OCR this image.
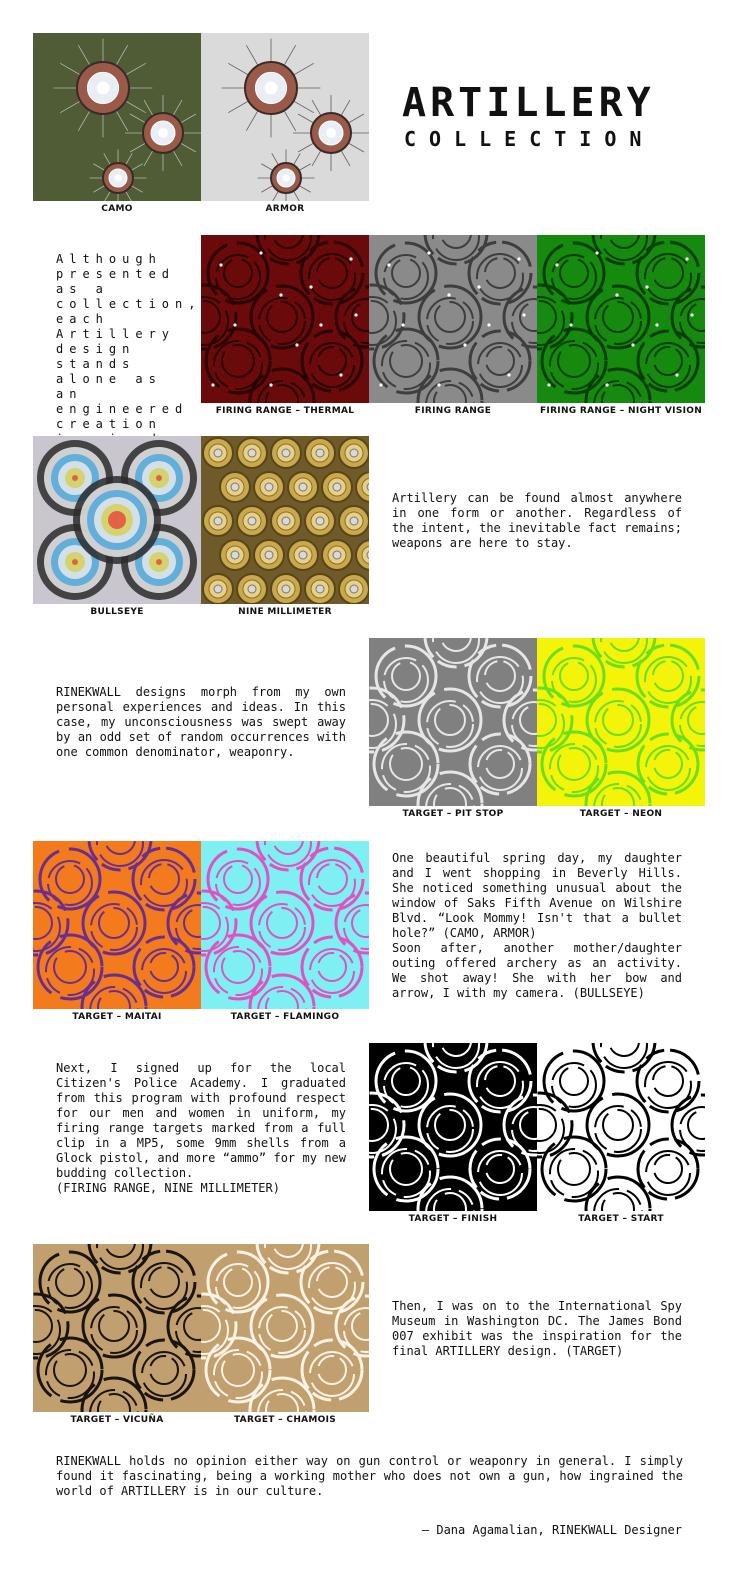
ARTILLERY
COLLECTION
CAMO	ARMOR
Although presented as a collection, each Artillery design stands alone as an engineered creation
FIRING RANGE – THERMAL	FIRING RANGE	FIRING RANGE – NIGHT VISION
BULLSEYE	NINE MILLIMETER
Artillery can be found almost anywhere in one form or another. Regardless of the intent, the inevitable fact remains; weapons are here to stay.
RINEKWALL designs morph from my own personal experiences and ideas. In this case, my unconsciousness was swept away by an odd set of random occurrences with one common denominator, weaponry.
TARGET – PIT STOP	TARGET – NEON
TARGET – MAITAI	TARGET – FLAMINGO
One beautiful spring day, my daughter and I went shopping in Beverly Hills. She noticed something unusual about the window of Saks Fifth Avenue on Wilshire Blvd. “Look Mommy! Isn't that a bullet hole?” (CAMO, ARMOR)
Soon after, another mother/daughter outing offered archery as an activity. We shot away! She with her bow and arrow, I with my camera. (BULLSEYE)
Next, I signed up for the local Citizen's Police Academy. I graduated from this program with profound respect for our men and women in uniform, my firing range targets marked from a full clip in a MP5, some 9mm shells from a Glock pistol, and more “ammo” for my new budding collection.
(FIRING RANGE, NINE MILLIMETER)
TARGET – FINISH	TARGET – START
TARGET – VICUÑA	TARGET – CHAMOIS
Then, I was on to the International Spy Museum in Washington DC. The James Bond 007 exhibit was the inspiration for the final ARTILLERY design. (TARGET)
RINEKWALL holds no opinion either way on gun control or weaponry in general. I simply found it fascinating, being a working mother who does not own a gun, how ingrained the world of ARTILLERY is in our culture.
— Dana Agamalian, RINEKWALL Designer
